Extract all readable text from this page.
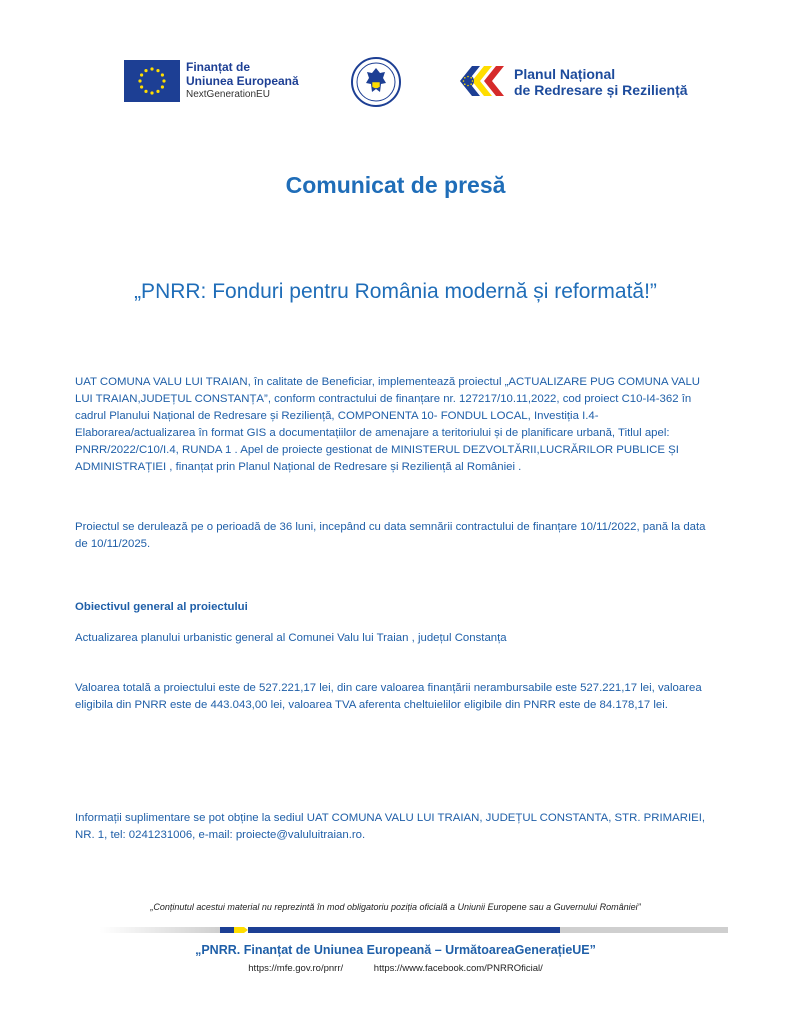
Finanțat de
Uniunea Europeană
NextGenerationEU
Planul Național
de Redresare și Reziliență
Comunicat de presă
„PNRR: Fonduri pentru România modernă și reformată!”
UAT COMUNA VALU LUI TRAIAN, în calitate de Beneficiar, implementează proiectul „ACTUALIZARE PUG COMUNA VALU LUI TRAIAN,JUDEȚUL CONSTANȚA”, conform contractului de finanțare nr. 127217/10.11,2022, cod proiect C10-I4-362 în cadrul Planului Național de Redresare și Reziliență, COMPONENTA 10- FONDUL LOCAL, Investiția I.4-Elaborarea/actualizarea în format GIS a documentațiilor de amenajare a teritoriului și de planificare urbană, Titlul apel: PNRR/2022/C10/I.4, RUNDA 1 . Apel de proiecte gestionat de MINISTERUL DEZVOLTĂRII,LUCRĂRILOR PUBLICE ȘI ADMINISTRAȚIEI , finanțat prin Planul Național de Redresare și Reziliență al României .
Proiectul se derulează pe o perioadă de 36 luni, incepând cu data semnării contractului de finanțare 10/11/2022, pană la data de 10/11/2025.
Obiectivul general al proiectului
Actualizarea planului urbanistic general al Comunei Valu lui Traian , județul Constanța
Valoarea totală a proiectului este de 527.221,17 lei, din care valoarea finanțării nerambursabile este 527.221,17 lei, valoarea eligibila din PNRR este de 443.043,00 lei, valoarea TVA aferenta cheltuielilor eligibile din PNRR este de 84.178,17 lei.
Informații suplimentare se pot obține la sediul UAT COMUNA VALU LUI TRAIAN, JUDEȚUL CONSTANTA, STR. PRIMARIEI, NR. 1, tel: 0241231006, e-mail: proiecte@valuluitraian.ro.
„Conținutul acestui material nu reprezintă în mod obligatoriu poziția oficială a Uniunii Europene sau a Guvernului României”
„PNRR. Finanțat de Uniunea Europeană – UrmătoareaGenerațieUE”
https://mfe.gov.ro/pnrr/	https://www.facebook.com/PNRROficial/
